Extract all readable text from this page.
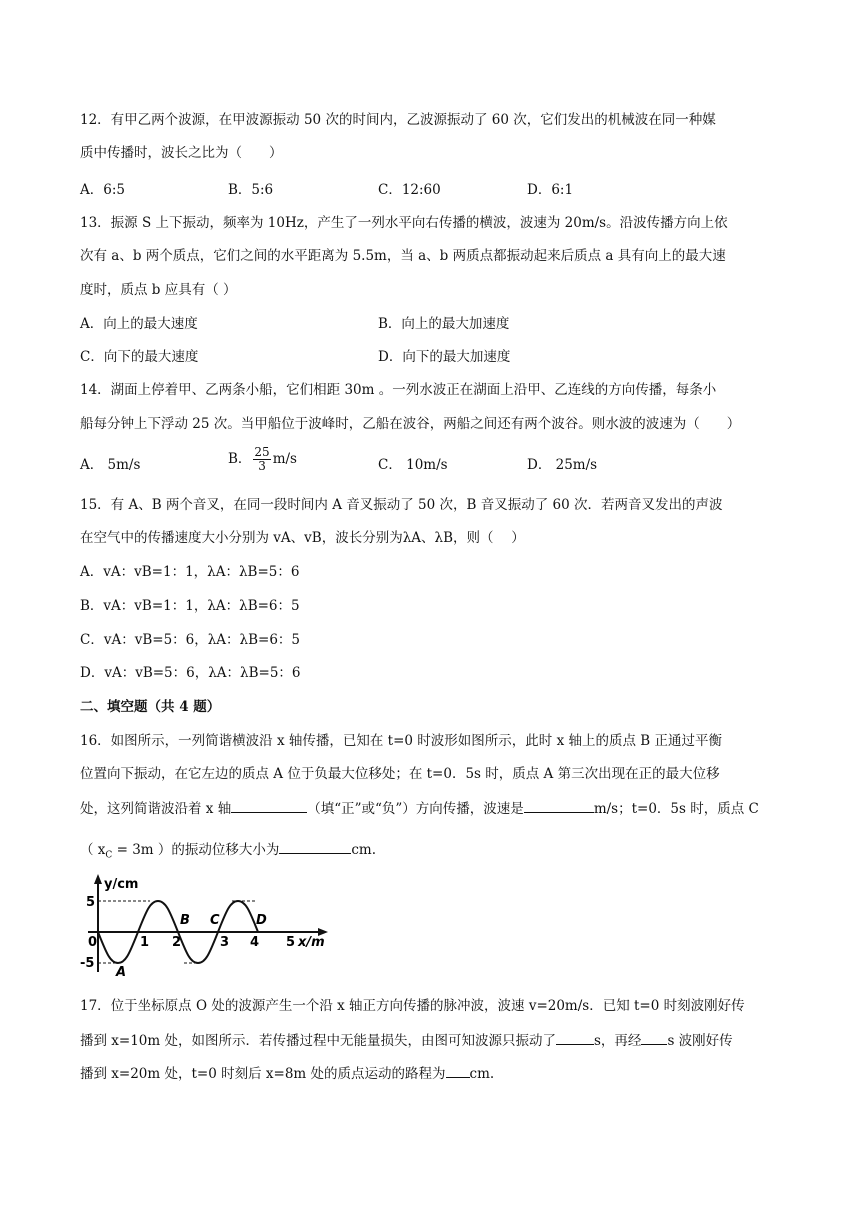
12．有甲乙两个波源，在甲波源振动 50 次的时间内，乙波源振动了 60 次，它们发出的机械波在同一种媒
质中传播时，波长之比为（　　）
A．6:5	B．5:6	C．12:60	D．6:1
13．振源 S 上下振动，频率为 10Hz，产生了一列水平向右传播的横波，波速为 20m/s。沿波传播方向上依
次有 a、b 两个质点，它们之间的水平距离为 5.5m，当 a、b 两质点都振动起来后质点 a 具有向上的最大速
度时，质点 b 应具有（ ）
A．向上的最大速度	B．向上的最大加速度
C．向下的最大速度	D．向下的最大加速度
14．湖面上停着甲、乙两条小船，它们相距 30m 。一列水波正在湖面上沿甲、乙连线的方向传播，每条小
船每分钟上下浮动 25 次。当甲船位于波峰时，乙船在波谷，两船之间还有两个波谷。则水波的波速为（　　）
A． 5m/s	B． $\frac{25}{3} m/s$	C． 10m/s	D． 25m/s
15．有 A、B 两个音叉，在同一段时间内 A 音叉振动了 50 次，B 音叉振动了 60 次．若两音叉发出的声波
在空气中的传播速度大小分别为 vA、vB，波长分别为λA、λB，则（　 ）
A．vA：vB=1：1，λA：λB=5：6
B．vA：vB=1：1，λA：λB=6：5
C．vA：vB=5：6，λA：λB=6：5
D．vA：vB=5：6，λA：λB=5：6
二、填空题（共 4 题）
16．如图所示，一列简谐横波沿 x 轴传播，已知在 t=0 时波形如图所示，此时 x 轴上的质点 B 正通过平衡
位置向下振动，在它左边的质点 A 位于负最大位移处；在 t=0．5s 时，质点 A 第三次出现在正的最大位移
处，这列简谐波沿着 x 轴	（填“正”或“负”）方向传播，波速是	m/s；t=0．5s 时，质点 C
（ $x_C = 3m$ ）的振动位移大小为	cm.
y/cm
5
-5
0	1 2	3 4 5 x/m
A
B C	D
17．位于坐标原点 O 处的波源产生一个沿 x 轴正方向传播的脉冲波，波速 v=20m/s．已知 t=0 时刻波刚好传
播到 x=10m 处，如图所示．若传播过程中无能量损失，由图可知波源只振动了	s，再经 s 波刚好传
播到 x=20m 处，t=0 时刻后 x=8m 处的质点运动的路程为 cm.
